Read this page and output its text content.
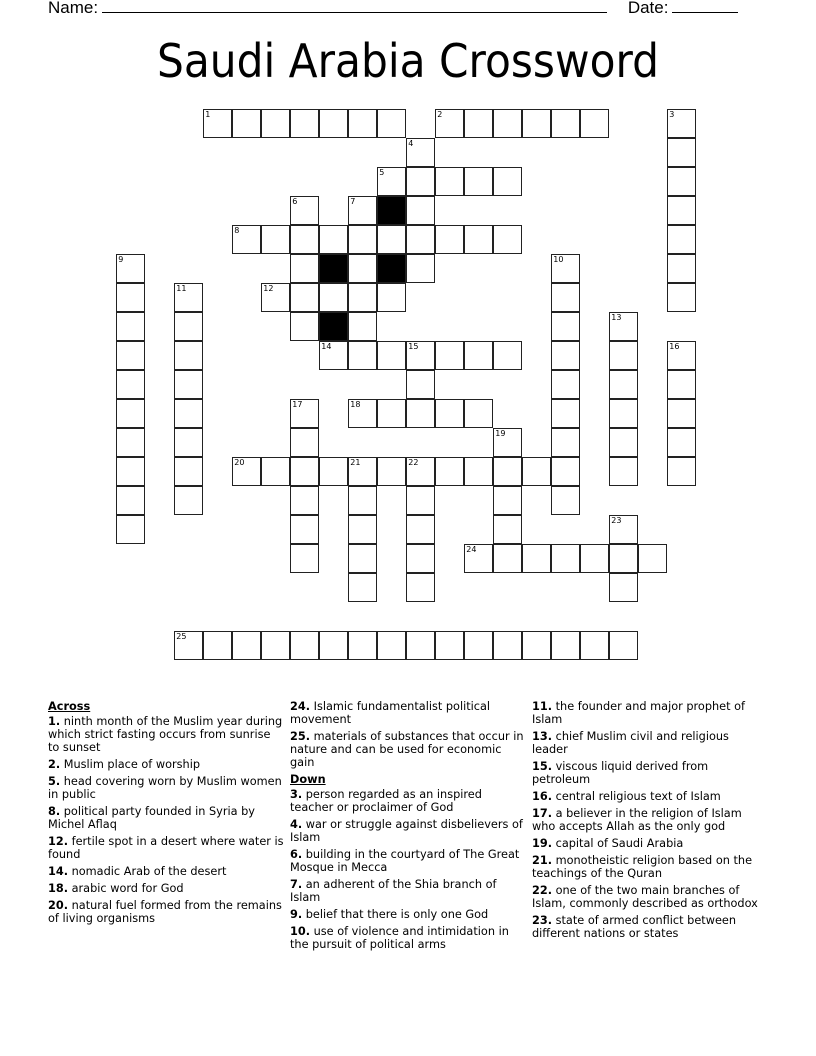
Name:	Date:
Saudi Arabia Crossword
1	2	3
4
5
6	7
8
9	10
11	12
13
14	15	16
17	18
19
20	21	22
23
24
25
Across
1. ninth month of the Muslim year during which strict fasting occurs from sunrise to sunset
2. Muslim place of worship
5. head covering worn by Muslim women in public
8. political party founded in Syria by Michel Aflaq
12. fertile spot in a desert where water is found
14. nomadic Arab of the desert
18. arabic word for God
20. natural fuel formed from the remains of living organisms
24. Islamic fundamentalist political movement
25. materials of substances that occur in nature and can be used for economic gain
Down
3. person regarded as an inspired teacher or proclaimer of God
4. war or struggle against disbelievers of Islam
6. building in the courtyard of The Great Mosque in Mecca
7. an adherent of the Shia branch of Islam
9. belief that there is only one God
10. use of violence and intimidation in the pursuit of political arms
11. the founder and major prophet of Islam
13. chief Muslim civil and religious leader
15. viscous liquid derived from petroleum
16. central religious text of Islam
17. a believer in the religion of Islam who accepts Allah as the only god
19. capital of Saudi Arabia
21. monotheistic religion based on the teachings of the Quran
22. one of the two main branches of Islam, commonly described as orthodox
23. state of armed conflict between different nations or states
